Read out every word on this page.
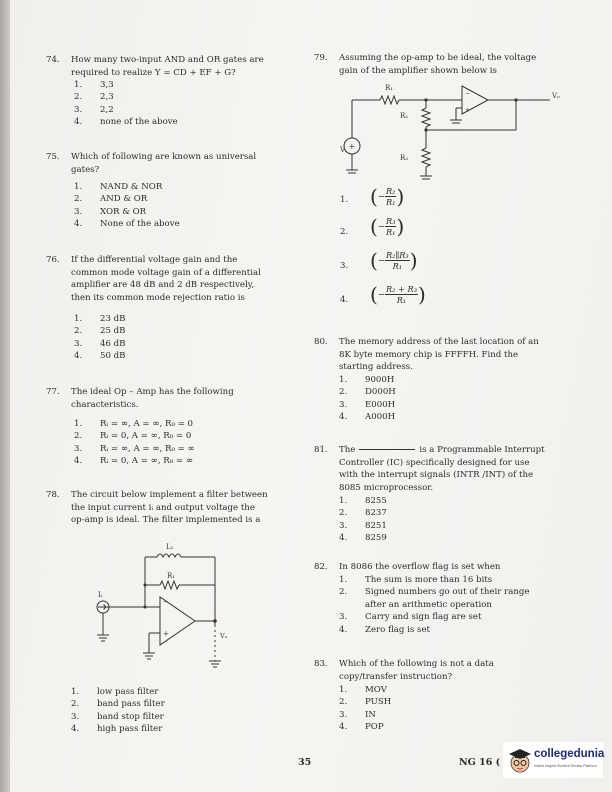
74. How many two-input AND and OR gates are
required to realize Y = CD + EF + G?
1. 3,3
2. 2,3
3. 2,2
4. none of the above
75. Which of following are known as universal
gates?
1. NAND & NOR
2. AND & OR
3. XOR & OR
4. None of the above
76. If the differential voltage gain and the
common mode voltage gain of a differential
amplifier are 48 dB and 2 dB respectively,
then its common mode rejection ratio is
1. 23 dB
2. 25 dB
3. 46 dB
4. 50 dB
77. The ideal Op – Amp has the following
characteristics.
1. Rᵢ = ∞, A = ∞, R₀ = 0
2. Rᵢ = 0, A = ∞, R₀ = 0
3. Rᵢ = ∞, A = ∞, R₀ = ∞
4. Rᵢ = 0, A = ∞, R₀ = ∞
78. The circuit below implement a filter between
the input current iᵢ and output voltage the
op-amp is ideal. The filter implemented is a
−
+
L₁
R₁
Iᵢ
Vₒ
1. low pass filter
2. band pass filter
3. band stop filter
4. high pass filter
79. Assuming the op-amp to be ideal, the voltage
gain of the amplifier shown below is
+
−
+
R₁
R₂
R₃
Vᵢ
Vₒ
1. (− $\frac{\text{R₂}}{\text{R₁}}$)
2. (− $\frac{\text{R₃}}{\text{R₁}}$)
3. (− $\frac{\text{R₂∥R₃}}{\text{R₁}}$)
4. (− $\frac{\text{R₂ + R₃}}{\text{R₁}}$)
80. The memory address of the last location of an
8K byte memory chip is FFFFH. Find the
starting address.
1. 9000H
2. D000H
3. E000H
4. A000H
81. The	is a Programmable Interrupt
Controller (IC) specifically designed for use
with the interrupt signals (INTR /INT) of the
8085 microprocessor.
1. 8255
2. 8237
3. 8251
4. 8259
82. In 8086 the overflow flag is set when
1. The sum is more than 16 bits
2. Signed numbers go out of their range
after an arithmetic operation
3. Carry and sign flag are set
4. Zero flag is set
83. Which of the following is not a data
copy/transfer instruction?
1. MOV
2. PUSH
3. IN
4. POP
35	NG 16 (
collegedunia
India's largest Student Review Platform
